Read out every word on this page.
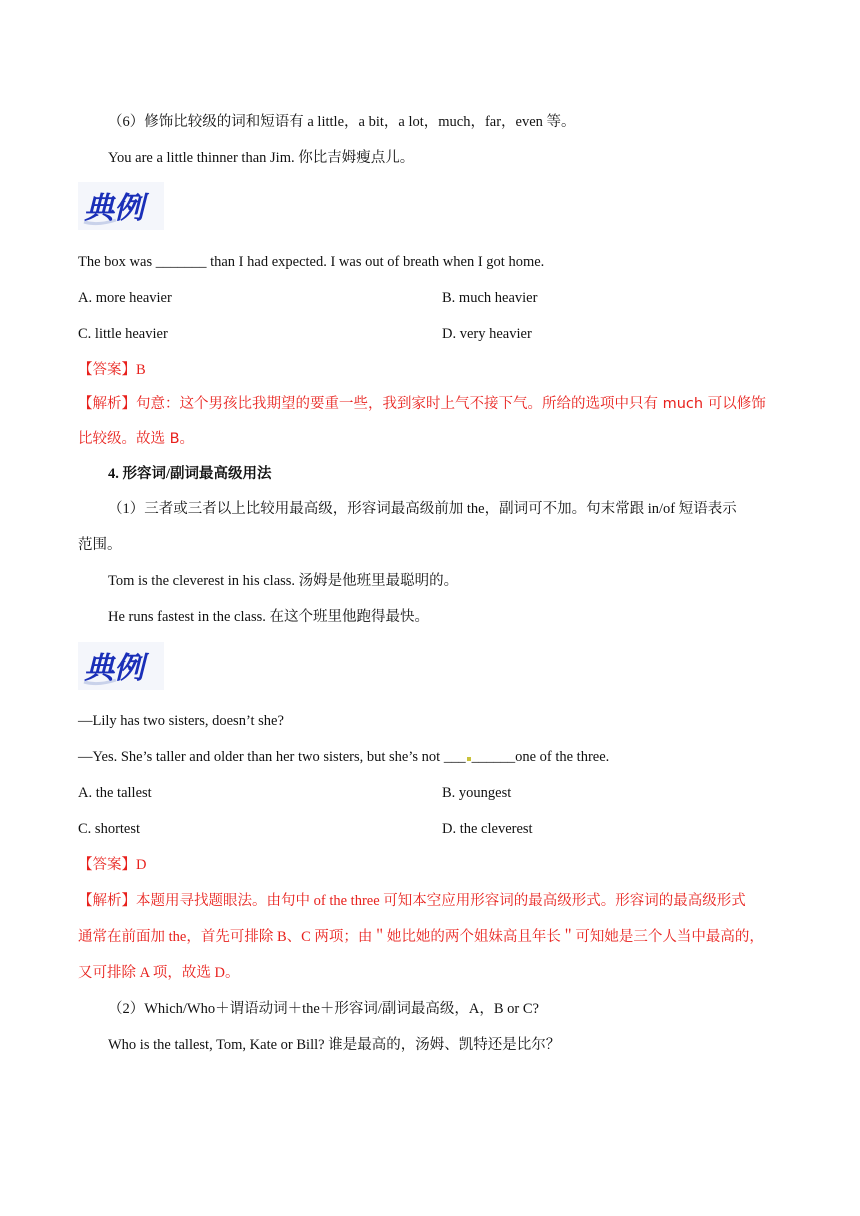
（6）修饰比较级的词和短语有 a little，a bit，a lot，much，far，even 等。
You are a little thinner than Jim. 你比吉姆瘦点儿。
典例
The box was _______ than I had expected. I was out of breath when I got home.
A. more heavier	B. much heavier
C. little heavier	D. very heavier
【答案】B
【解析】句意：这个男孩比我期望的要重一些，我到家时上气不接下气。所给的选项中只有 much 可以修饰
比较级。故选 B。
4. 形容词/副词最高级用法
（1）三者或三者以上比较用最高级，形容词最高级前加 the，副词可不加。句末常跟 in/of 短语表示
范围。
Tom is the cleverest in his class. 汤姆是他班里最聪明的。
He runs fastest in the class. 在这个班里他跑得最快。
典例
—Lily has two sisters, doesn’t she?
—Yes. She’s taller and older than her two sisters, but she’s not ___ ______one of the three.
A. the tallest	B. youngest
C. shortest	D. the cleverest
【答案】D
【解析】本题用寻找题眼法。由句中 of the three 可知本空应用形容词的最高级形式。形容词的最高级形式
通常在前面加 the，首先可排除 B、C 两项；由＂她比她的两个姐妹高且年长＂可知她是三个人当中最高的，
又可排除 A 项，故选 D。
（2）Which/Who＋谓语动词＋the＋形容词/副词最高级，A，B or C?
Who is the tallest, Tom, Kate or Bill? 谁是最高的，汤姆、凯特还是比尔？
